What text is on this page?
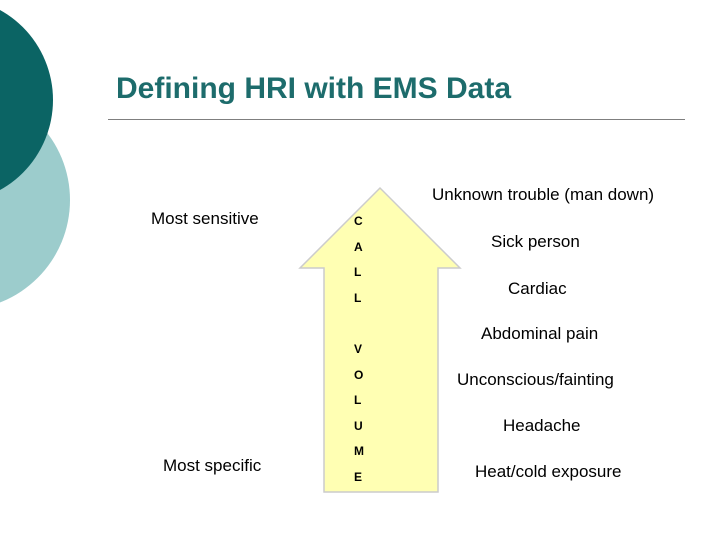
Defining HRI with EMS Data
Most sensitive
Most specific
C
A
L
L
V
O
L
U
M
E
Unknown trouble (man down)
Sick person
Cardiac
Abdominal pain
Unconscious/fainting
Headache
Heat/cold exposure
